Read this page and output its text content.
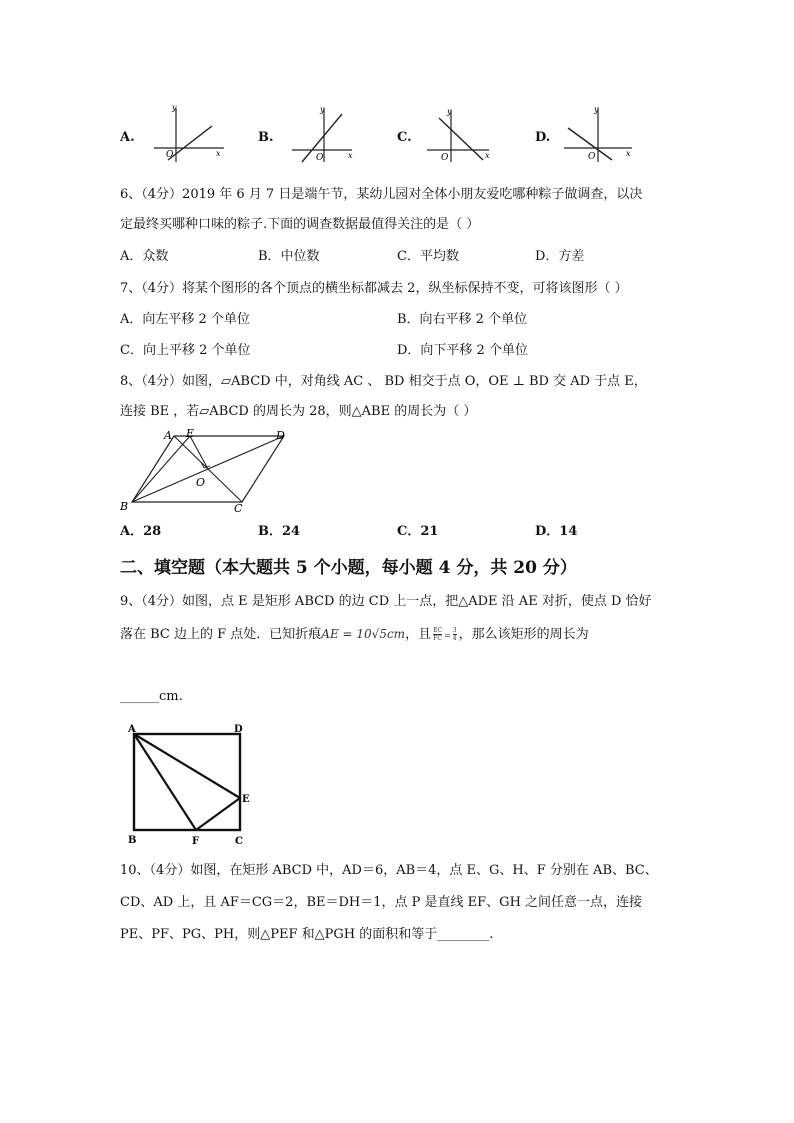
A.
y
x
O
B.
y
x
O
C.
y
x
O
D.
y
x
O
6、（4分）2019 年 6 月 7 日是端午节，某幼儿园对全体小朋友爱吃哪种粽子做调查，以决
定最终买哪种口味的粽子.下面的调查数据最值得关注的是（ ）
A．众数	B．中位数	C．平均数	D．方差
7、（4分）将某个图形的各个顶点的横坐标都减去 2，纵坐标保持不变，可将该图形（ ）
A．向左平移 2 个单位	B．向右平移 2 个单位
C．向上平移 2 个单位	D．向下平移 2 个单位
8、（4分）如图，▱ABCD 中，对角线 AC 、 BD 相交于点 O，OE ⊥ BD 交 AD 于点 E，
连接 BE ，若▱ABCD 的周长为 28，则△ABE 的周长为（ ）
A E	D
O
B	C
A．28	B．24	C．21	D．14
二、填空题（本大题共 5 个小题，每小题 4 分，共 20 分）
9、（4分）如图，点 E 是矩形 ABCD 的边 CD 上一点，把△ADE 沿 AE 对折，使点 D 恰好
落在 BC 边上的 F 点处．已知折痕AE = 10√5cm，且 $\frac{EC}{FC} = \frac{3}{4}$ ，那么该矩形的周长为
______cm.
A	D
E
B	F	C
10、（4分）如图，在矩形 ABCD 中，AD＝6，AB＝4，点 E、G、H、F 分别在 AB、BC、
CD、AD 上，且 AF＝CG＝2，BE＝DH＝1，点 P 是直线 EF、GH 之间任意一点，连接
PE、PF、PG、PH，则△PEF 和△PGH 的面积和等于________.
